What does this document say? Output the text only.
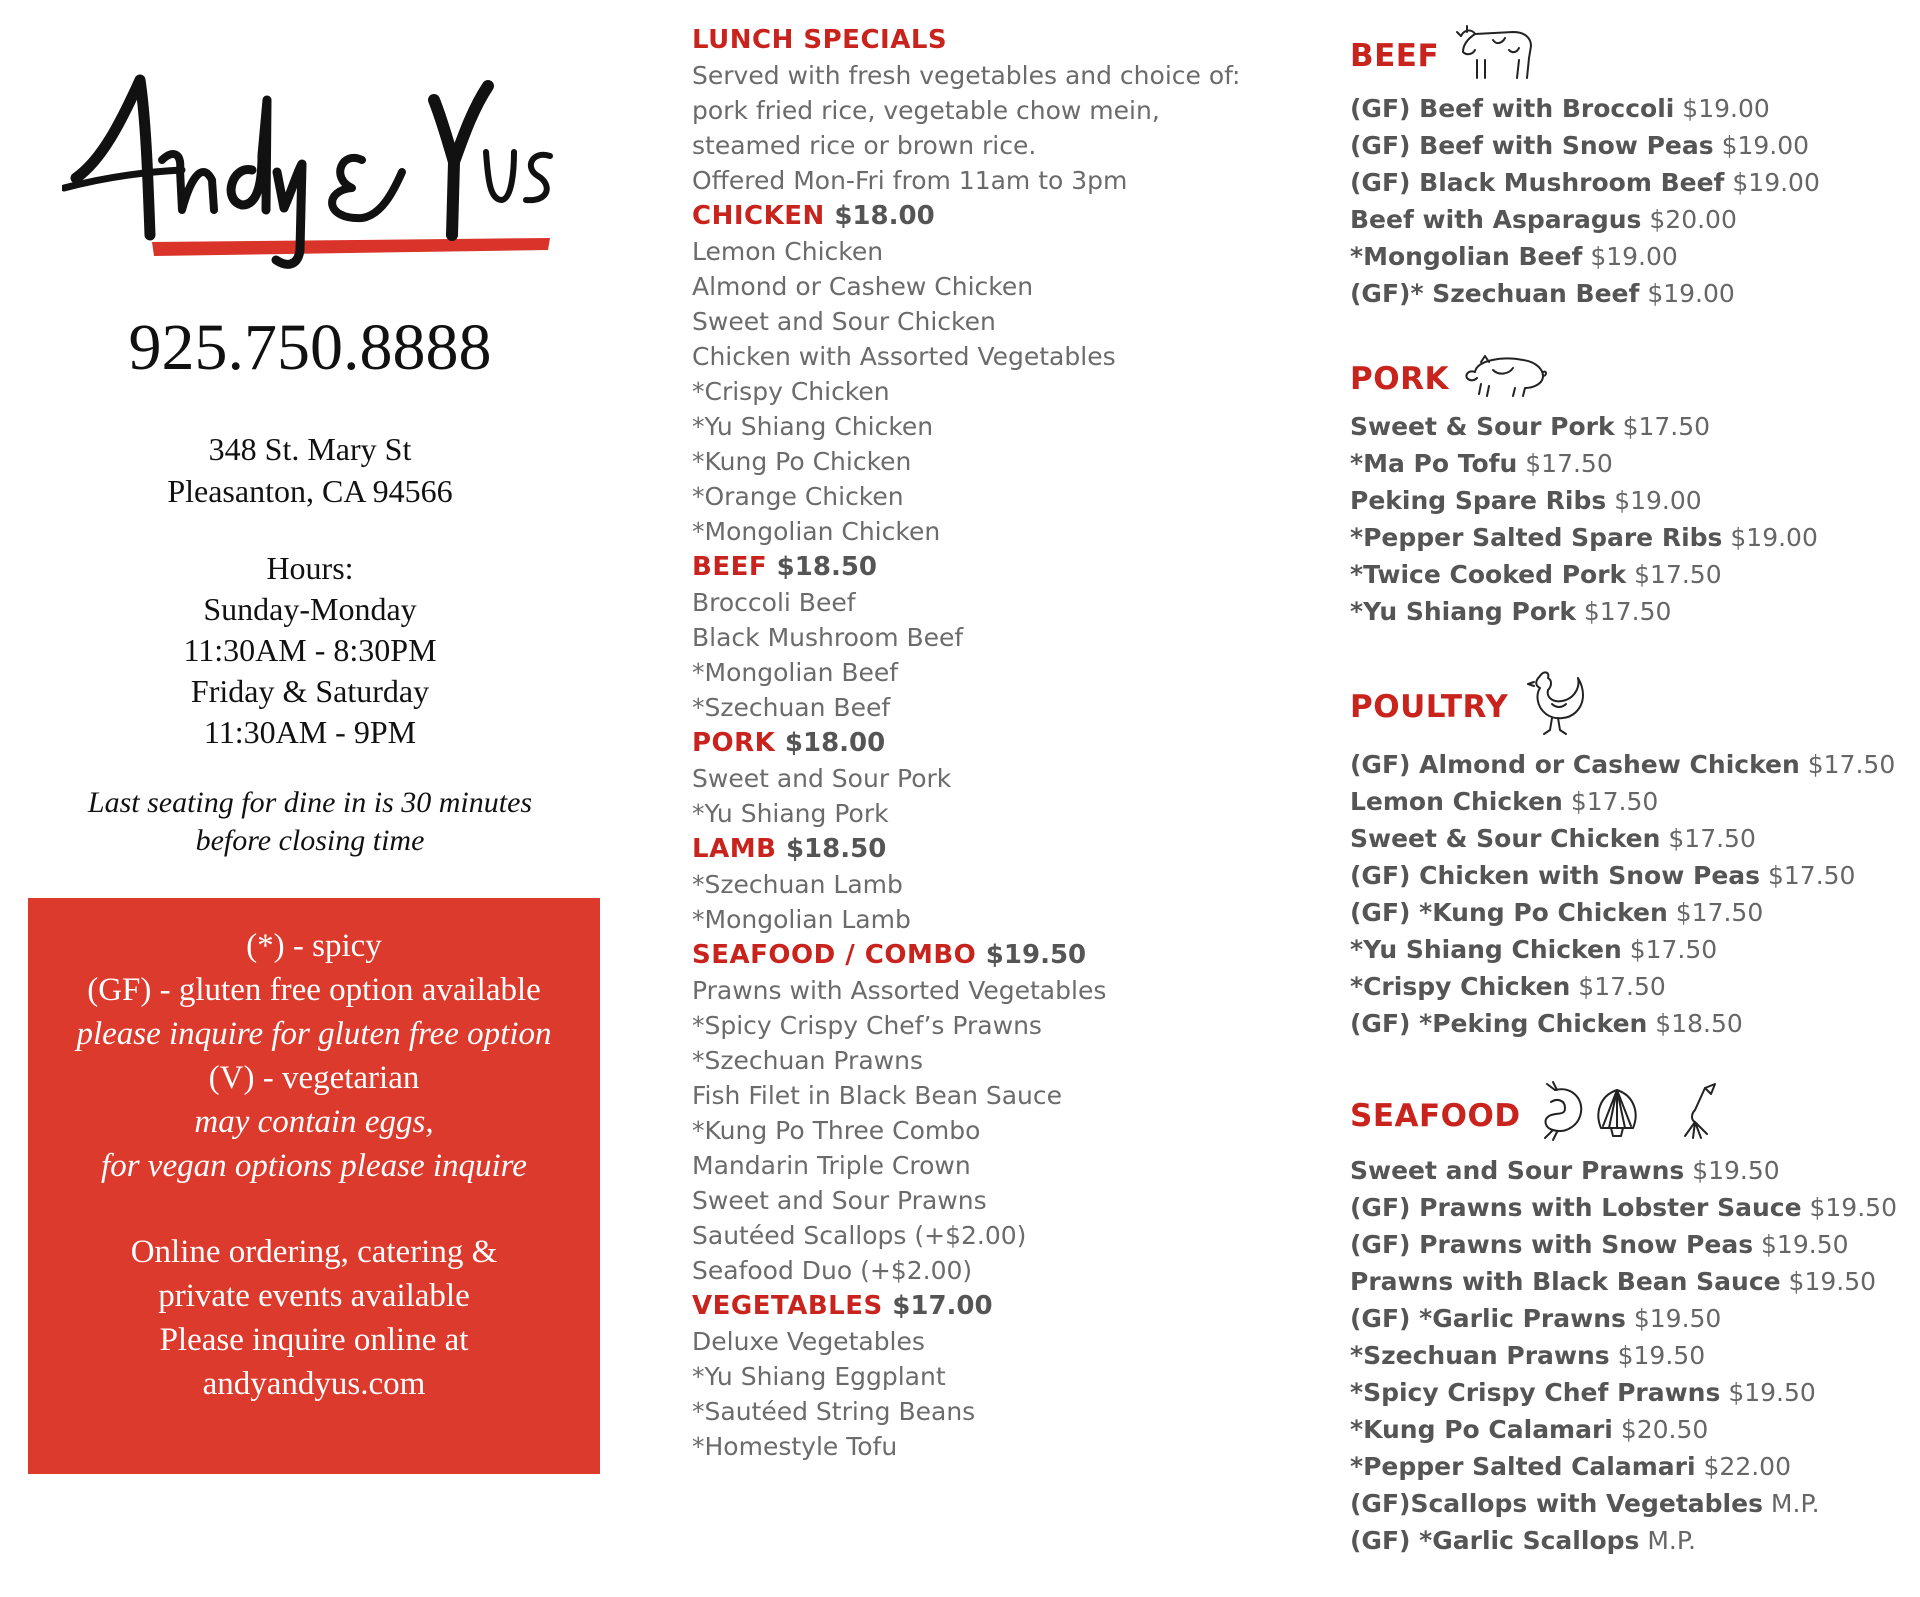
Andy & Yu's
925.750.8888
348 St. Mary St
Pleasanton, CA 94566
Hours:
Sunday-Monday
11:30AM - 8:30PM
Friday & Saturday
11:30AM - 9PM
Last seating for dine in is 30 minutes
before closing time
(*) - spicy
(GF) - gluten free option available
please inquire for gluten free option
(V) - vegetarian
may contain eggs,
for vegan options please inquire
Online ordering, catering &
private events available
Please inquire online at
andyandyus.com
LUNCH SPECIALS
Served with fresh vegetables and choice of:
pork fried rice, vegetable chow mein,
steamed rice or brown rice.
Offered Mon-Fri from 11am to 3pm
CHICKEN $18.00
Lemon Chicken
Almond or Cashew Chicken
Sweet and Sour Chicken
Chicken with Assorted Vegetables
*Crispy Chicken
*Yu Shiang Chicken
*Kung Po Chicken
*Orange Chicken
*Mongolian Chicken
BEEF $18.50
Broccoli Beef
Black Mushroom Beef
*Mongolian Beef
*Szechuan Beef
PORK $18.00
Sweet and Sour Pork
*Yu Shiang Pork
LAMB $18.50
*Szechuan Lamb
*Mongolian Lamb
SEAFOOD / COMBO $19.50
Prawns with Assorted Vegetables
*Spicy Crispy Chef’s Prawns
*Szechuan Prawns
Fish Filet in Black Bean Sauce
*Kung Po Three Combo
Mandarin Triple Crown
Sweet and Sour Prawns
Sautéed Scallops (+$2.00)
Seafood Duo (+$2.00)
VEGETABLES $17.00
Deluxe Vegetables
*Yu Shiang Eggplant
*Sautéed String Beans
*Homestyle Tofu
BEEF
(GF) Beef with Broccoli $19.00
(GF) Beef with Snow Peas $19.00
(GF) Black Mushroom Beef $19.00
Beef with Asparagus $20.00
*Mongolian Beef $19.00
(GF)* Szechuan Beef $19.00
PORK
Sweet & Sour Pork $17.50
*Ma Po Tofu $17.50
Peking Spare Ribs $19.00
*Pepper Salted Spare Ribs $19.00
*Twice Cooked Pork $17.50
*Yu Shiang Pork $17.50
POULTRY
(GF) Almond or Cashew Chicken $17.50
Lemon Chicken $17.50
Sweet & Sour Chicken $17.50
(GF) Chicken with Snow Peas $17.50
(GF) *Kung Po Chicken $17.50
*Yu Shiang Chicken $17.50
*Crispy Chicken $17.50
(GF) *Peking Chicken $18.50
SEAFOOD
Sweet and Sour Prawns $19.50
(GF) Prawns with Lobster Sauce $19.50
(GF) Prawns with Snow Peas $19.50
Prawns with Black Bean Sauce $19.50
(GF) *Garlic Prawns $19.50
*Szechuan Prawns $19.50
*Spicy Crispy Chef Prawns $19.50
*Kung Po Calamari $20.50
*Pepper Salted Calamari $22.00
(GF)Scallops with Vegetables M.P.
(GF) *Garlic Scallops M.P.
